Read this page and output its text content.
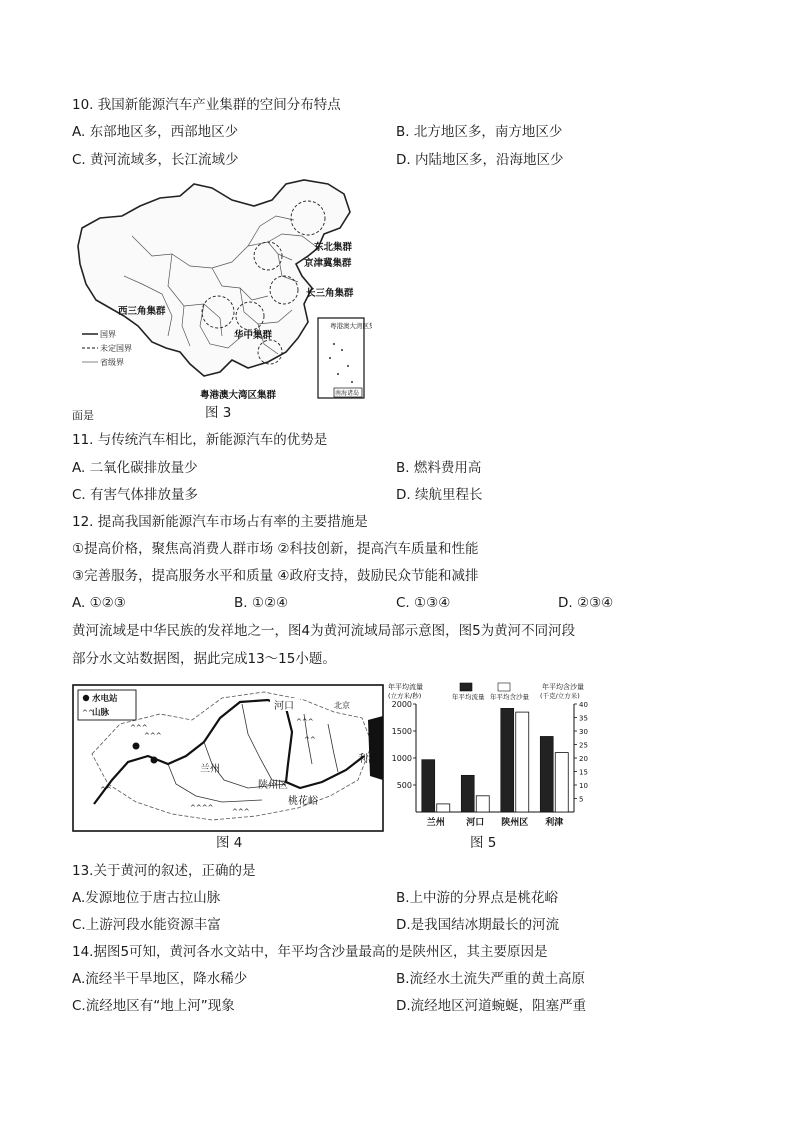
10. 我国新能源汽车产业集群的空间分布特点
A. 东部地区多，西部地区少	B. 北方地区多，南方地区少
C. 黄河流域多，长江流域少	D. 内陆地区多，沿海地区少
东北集群
京津冀集群
长三角集群
西三角集群
华中集群
粤港澳大湾区集群
国界
未定国界
省级界
粤港澳大湾区集
南海诸岛
图 3
面是
11. 与传统汽车相比，新能源汽车的优势是
A. 二氧化碳排放量少	B. 燃料费用高
C. 有害气体排放量多	D. 续航里程长
12. 提高我国新能源汽车市场占有率的主要措施是
①提高价格，聚焦高消费人群市场 ②科技创新，提高汽车质量和性能
③完善服务，提高服务水平和质量 ④政府支持，鼓励民众节能和减排
A. ①②③	B. ①②④	C. ①③④	D. ②③④
黄河流域是中华民族的发祥地之一，图4为黄河流域局部示意图，图5为黄河不同河段
部分水文站数据图，据此完成13～15小题。
^^^
^^^
^^^
^^
^^
^^^^	^^^
水电站
^^
山脉
河口
兰州
陕州区
桃花峪
利津
北京
图 4
年平均流量
(立方米/秒)
年平均含沙量
(千克/立方米)
年平均流量 年平均含沙量
500
1000
1500
2000
5
10
15
20
25
30
35
40
兰州 河口 陕州区 利津
图 5
13.关于黄河的叙述，正确的是
A.发源地位于唐古拉山脉	B.上中游的分界点是桃花峪
C.上游河段水能资源丰富	D.是我国结冰期最长的河流
14.据图5可知，黄河各水文站中，年平均含沙量最高的是陕州区，其主要原因是
A.流经半干旱地区，降水稀少	B.流经水土流失严重的黄土高原
C.流经地区有“地上河”现象	D.流经地区河道蜿蜒，阻塞严重
